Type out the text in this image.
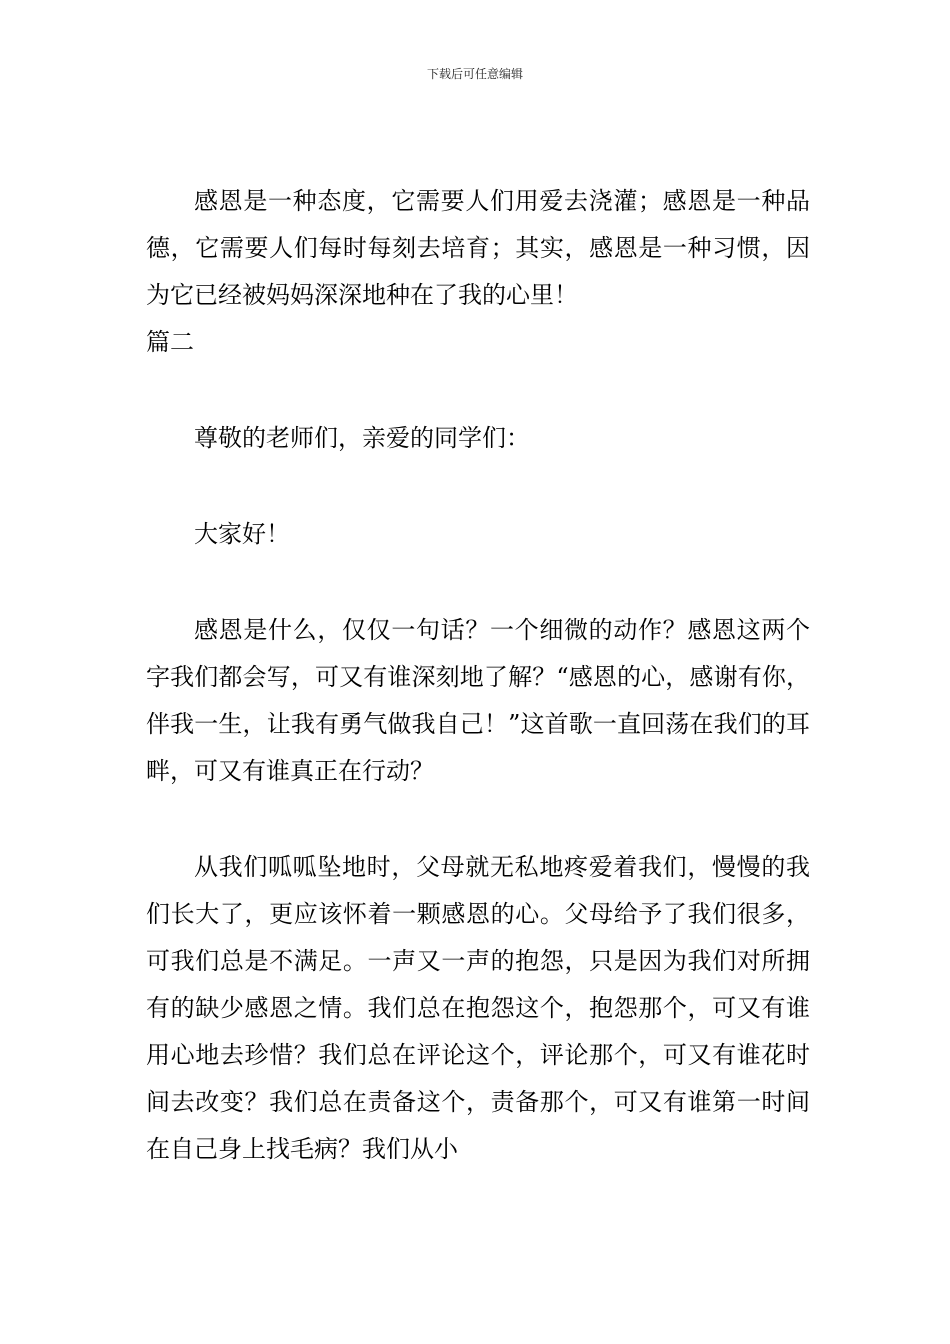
下载后可任意编辑

感恩是一种态度，它需要人们用爱去浇灌；感恩是一种品德，它需要人们每时每刻去培育；其实，感恩是一种习惯，因为它已经被妈妈深深地种在了我的心里！

篇二

尊敬的老师们，亲爱的同学们：

大家好！

感恩是什么，仅仅一句话？一个细微的动作？感恩这两个字我们都会写，可又有谁深刻地了解？“感恩的心，感谢有你，伴我一生，让我有勇气做我自己！”这首歌一直回荡在我们的耳畔，可又有谁真正在行动？

从我们呱呱坠地时，父母就无私地疼爱着我们，慢慢的我们长大了，更应该怀着一颗感恩的心。父母给予了我们很多，可我们总是不满足。一声又一声的抱怨，只是因为我们对所拥有的缺少感恩之情。我们总在抱怨这个，抱怨那个，可又有谁用心地去珍惜？我们总在评论这个，评论那个，可又有谁花时间去改变？我们总在责备这个，责备那个，可又有谁第一时间在自己身上找毛病？我们从小
